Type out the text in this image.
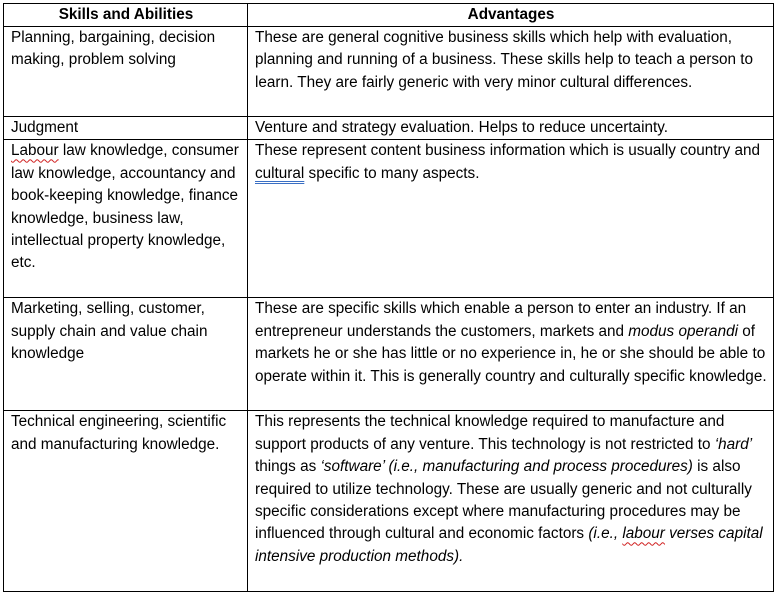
Skills and Abilities	Advantages
Planning, bargaining, decision making, problem solving	These are general cognitive business skills which help with evaluation, planning and running of a business. These skills help to teach a person to learn. They are fairly generic with very minor cultural differences.
Judgment	Venture and strategy evaluation. Helps to reduce uncertainty.
Labour law knowledge, consumer law knowledge, accountancy and book-keeping knowledge, finance knowledge, business law, intellectual property knowledge, etc.	These represent content business information which is usually country and cultural specific to many aspects.
Marketing, selling, customer, supply chain and value chain knowledge	These are specific skills which enable a person to enter an industry. If an entrepreneur understands the customers, markets and modus operandi of markets he or she has little or no experience in, he or she should be able to operate within it. This is generally country and culturally specific knowledge.
Technical engineering, scientific and manufacturing knowledge.	This represents the technical knowledge required to manufacture and support products of any venture. This technology is not restricted to ‘hard’ things as ‘software’ (i.e., manufacturing and process procedures) is also required to utilize technology. These are usually generic and not culturally specific considerations except where manufacturing procedures may be influenced through cultural and economic factors (i.e., labour verses capital intensive production methods).
